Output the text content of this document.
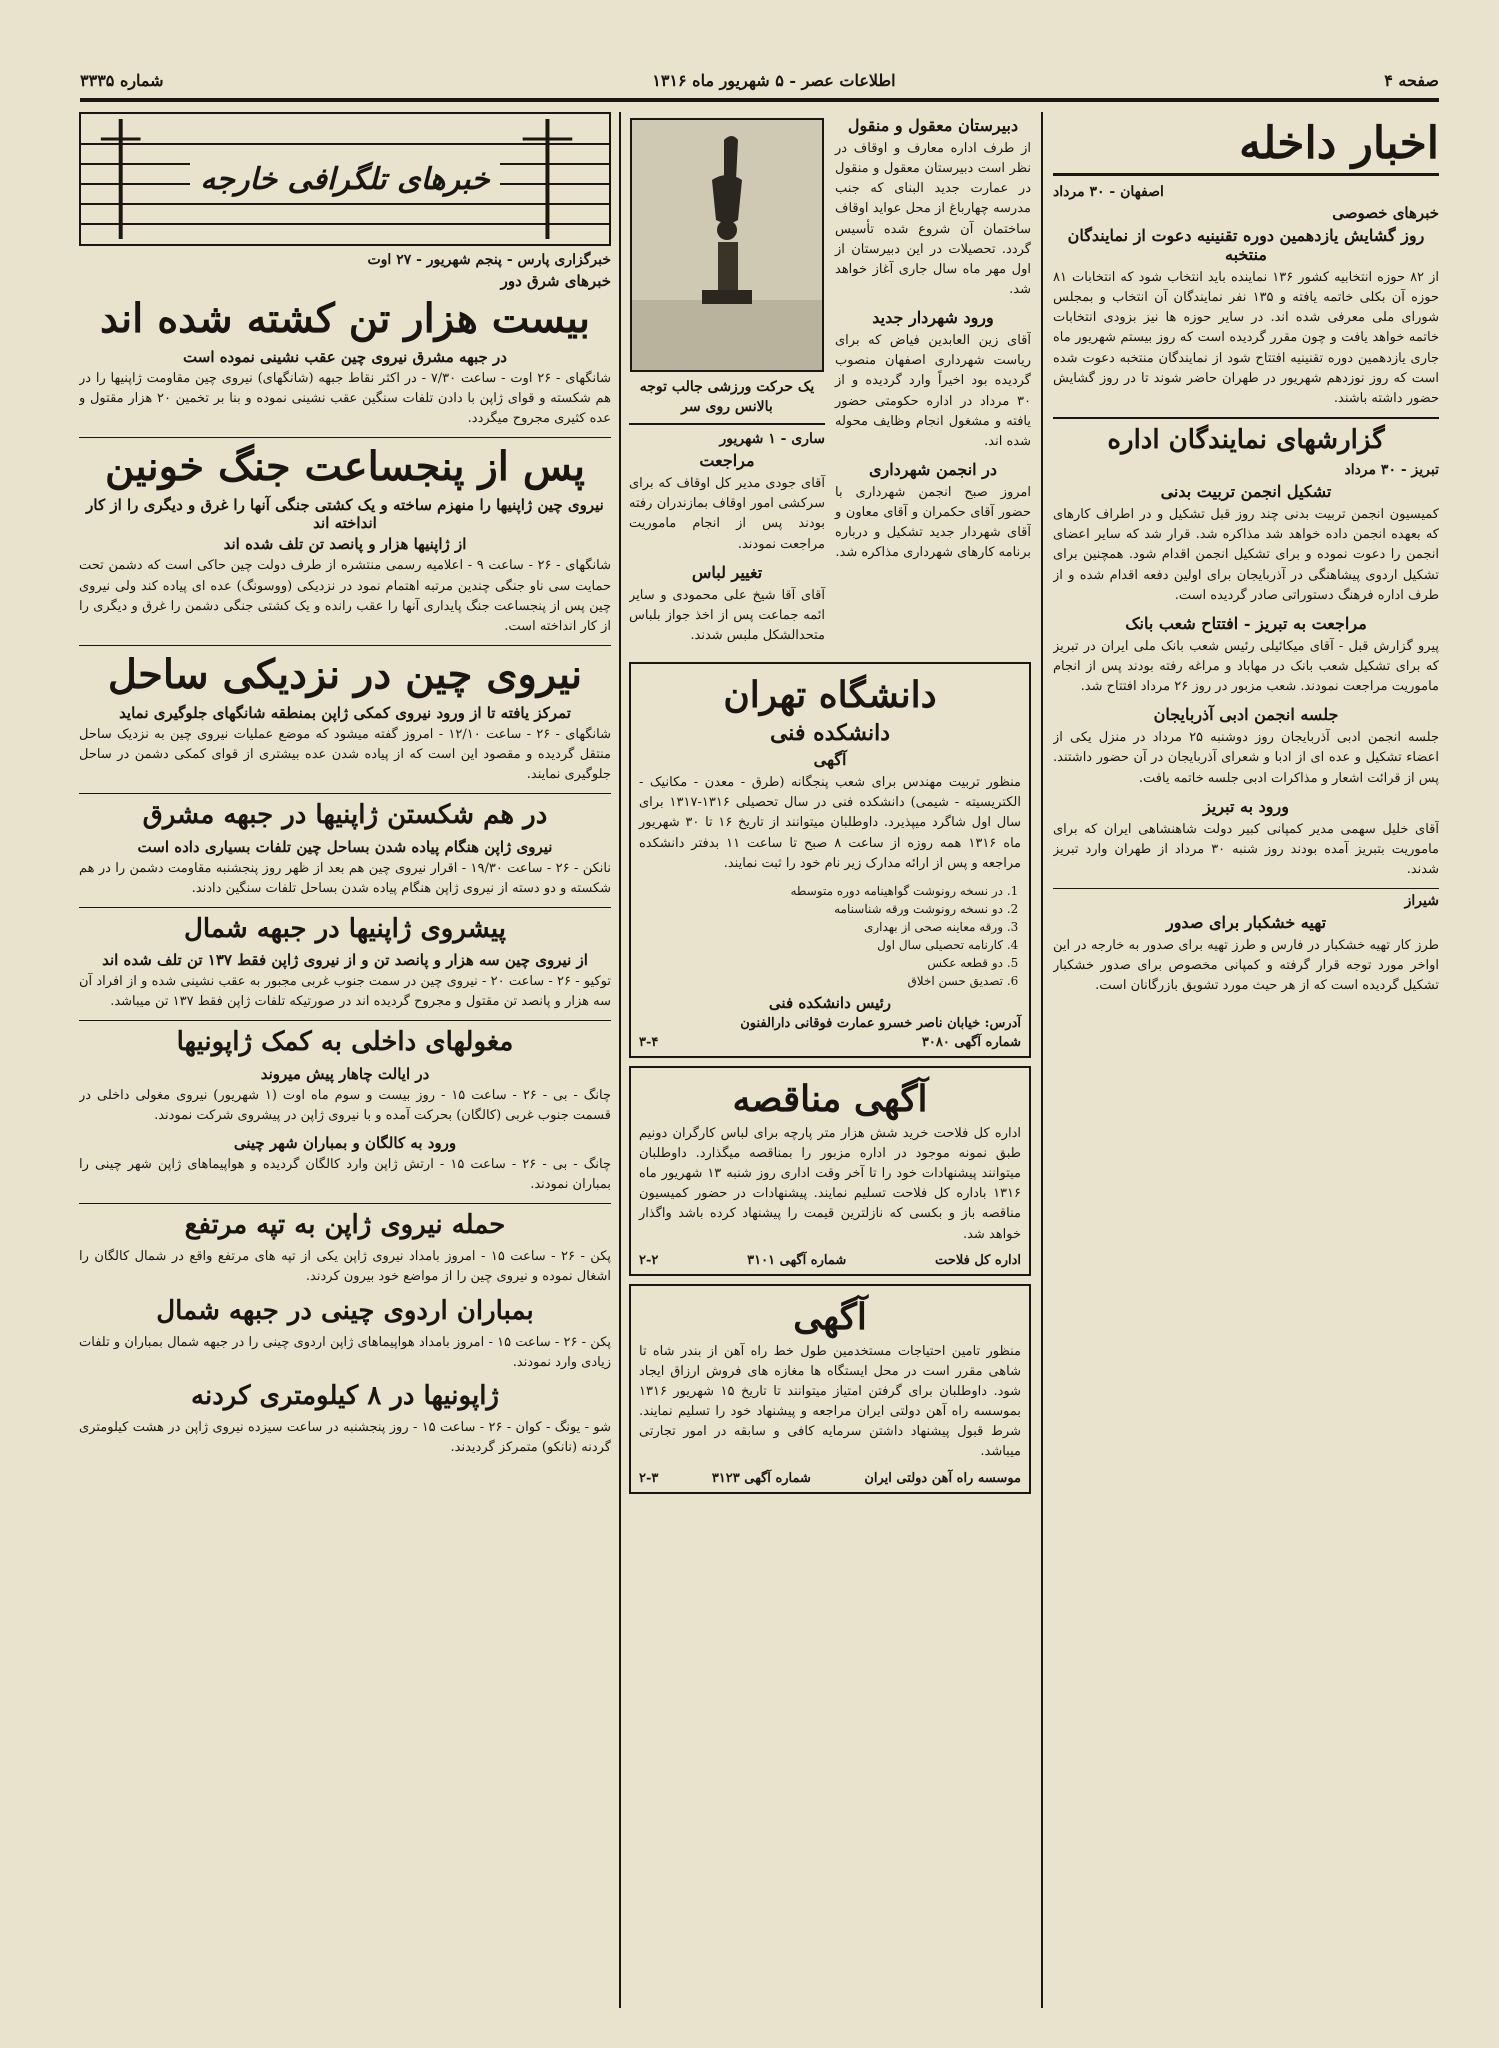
صفحه ۴
اطلاعات عصر - ۵ شهریور ماه ۱۳۱۶
شماره ۳۳۳۵
اخبار داخله
اصفهان - ۳۰ مرداد
خبرهای خصوصی
روز گشایش یازدهمین دوره تقنینیه دعوت از نمایندگان منتخبه

از ۸۲ حوزه انتخابیه کشور ۱۳۶ نماینده باید انتخاب شود که انتخابات ۸۱ حوزه آن بکلی خاتمه یافته و ۱۳۵ نفر نمایندگان آن انتخاب و بمجلس شورای ملی معرفی شده اند. در سایر حوزه ها نیز بزودی انتخابات خاتمه خواهد یافت و چون مقرر گردیده است که روز بیستم شهریور ماه جاری یازدهمین دوره تقنینیه افتتاح شود از نمایندگان منتخبه دعوت شده است که روز نوزدهم شهریور در طهران حاضر شوند تا در روز گشایش حضور داشته باشند.

گزارشهای نمایندگان اداره
تبریز - ۳۰ مرداد
تشکیل انجمن تربیت بدنی

کمیسیون انجمن تربیت بدنی چند روز قبل تشکیل و در اطراف کارهای که بعهده انجمن داده خواهد شد مذاکره شد. قرار شد که سایر اعضای انجمن را دعوت نموده و برای تشکیل انجمن اقدام شود. همچنین برای تشکیل اردوی پیشاهنگی در آذربایجان برای اولین دفعه اقدام شده و از طرف اداره فرهنگ دستوراتی صادر گردیده است.

مراجعت به تبریز - افتتاح شعب بانک

پیرو گزارش قبل - آقای میکائیلی رئیس شعب بانک ملی ایران در تبریز که برای تشکیل شعب بانک در مهاباد و مراغه رفته بودند پس از انجام ماموریت مراجعت نمودند. شعب مزبور در روز ۲۶ مرداد افتتاح شد.

جلسه انجمن ادبی آذربایجان

جلسه انجمن ادبی آذربایجان روز دوشنبه ۲۵ مرداد در منزل یکی از اعضاء تشکیل و عده ای از ادبا و شعرای آذربایجان در آن حضور داشتند. پس از قرائت اشعار و مذاکرات ادبی جلسه خاتمه یافت.

ورود به تبریز

آقای خلیل سهمی مدیر کمپانی کبیر دولت شاهنشاهی ایران که برای ماموریت بتبریز آمده بودند روز شنبه ۳۰ مرداد از طهران وارد تبریز شدند.

شیراز
تهیه خشکبار برای صدور

طرز کار تهیه خشکبار در فارس و طرز تهیه برای صدور به خارجه در این اواخر مورد توجه قرار گرفته و کمپانی مخصوص برای صدور خشکبار تشکیل گردیده است که از هر حیث مورد تشویق بازرگانان است.

دبیرستان معقول و منقول

از طرف اداره معارف و اوقاف در نظر است دبیرستان معقول و منقول در عمارت جدید البنای که جنب مدرسه چهارباغ از محل عواید اوقاف ساختمان آن شروع شده تأسیس گردد. تحصیلات در این دبیرستان از اول مهر ماه سال جاری آغاز خواهد شد.

ورود شهردار جدید

آقای زین العابدین فیاض که برای ریاست شهرداری اصفهان منصوب گردیده بود اخیراً وارد گردیده و از ۳۰ مرداد در اداره حکومتی حضور یافته و مشغول انجام وظایف محوله شده اند.

در انجمن شهرداری

امروز صبح انجمن شهرداری با حضور آقای حکمران و آقای معاون و آقای شهردار جدید تشکیل و درباره برنامه کارهای شهرداری مذاکره شد.

یک حرکت ورزشی جالب توجه بالانس روی سر
ساری - ۱ شهریور
مراجعت

آقای جودی مدیر کل اوقاف که برای سرکشی امور اوقاف بمازندران رفته بودند پس از انجام ماموریت مراجعت نمودند.

تغییر لباس

آقای آقا شیخ علی محمودی و سایر ائمه جماعت پس از اخذ جواز بلباس متحدالشکل ملبس شدند.

دانشگاه تهران
دانشکده فنی
آگهی

منظور تربیت مهندس برای شعب پنجگانه (طرق - معدن - مکانیک - الکتریسیته - شیمی) دانشکده فنی در سال تحصیلی ۱۳۱۶-۱۳۱۷ برای سال اول شاگرد میپذیرد. داوطلبان میتوانند از تاریخ ۱۶ تا ۳۰ شهریور ماه ۱۳۱۶ همه روزه از ساعت ۸ صبح تا ساعت ۱۱ بدفتر دانشکده مراجعه و پس از ارائه مدارک زیر نام خود را ثبت نمایند.

1. در نسخه رونوشت گواهینامه دوره متوسطه
2. دو نسخه رونوشت ورقه شناسنامه
3. ورقه معاینه صحی از بهداری
4. کارنامه تحصیلی سال اول
5. دو قطعه عکس
6. تصدیق حسن اخلاق
رئیس دانشکده فنی
آدرس: خیابان ناصر خسرو عمارت فوقانی دارالفنون
شماره آگهی ۳۰۸۰
۳-۴
آگهی مناقصه

اداره کل فلاحت خرید شش هزار متر پارچه برای لباس کارگران دونیم طبق نمونه موجود در اداره مزبور را بمناقصه میگذارد. داوطلبان میتوانند پیشنهادات خود را تا آخر وقت اداری روز شنبه ۱۳ شهریور ماه ۱۳۱۶ باداره کل فلاحت تسلیم نمایند. پیشنهادات در حضور کمیسیون مناقصه باز و بکسی که نازلترین قیمت را پیشنهاد کرده باشد واگذار خواهد شد.

اداره کل فلاحت
شماره آگهی ۳۱۰۱
۲-۲
آگهی

منظور تامین احتیاجات مستخدمین طول خط راه آهن از بندر شاه تا شاهی مقرر است در محل ایستگاه ها مغازه های فروش ارزاق ایجاد شود. داوطلبان برای گرفتن امتیاز میتوانند تا تاریخ ۱۵ شهریور ۱۳۱۶ بموسسه راه آهن دولتی ایران مراجعه و پیشنهاد خود را تسلیم نمایند. شرط قبول پیشنهاد داشتن سرمایه کافی و سابقه در امور تجارتی میباشد.

موسسه راه آهن دولتی ایران
شماره آگهی ۳۱۲۳
۲-۳
خبرهای تلگرافی خارجه
خبرگزاری پارس - پنجم شهریور - ۲۷ اوت
خبرهای شرق دور
بیست هزار تن کشته شده اند
در جبهه مشرق نیروی چین عقب نشینی نموده است

شانگهای - ۲۶ اوت - ساعت ۷/۳۰ - در اکثر نقاط جبهه (شانگهای) نیروی چین مقاومت ژاپنیها را در هم شکسته و قوای ژاپن با دادن تلفات سنگین عقب نشینی نموده و بنا بر تخمین ۲۰ هزار مقتول و عده کثیری مجروح میگردد.

پس از پنجساعت جنگ خونین
نیروی چین ژاپنیها را منهزم ساخته و یک کشتی جنگی آنها را غرق و دیگری را از کار انداخته اند
از ژاپنیها هزار و پانصد تن تلف شده اند

شانگهای - ۲۶ - ساعت ۹ - اعلامیه رسمی منتشره از طرف دولت چین حاکی است که دشمن تحت حمایت سی ناو جنگی چندین مرتبه اهتمام نمود در نزدیکی (ووسونگ) عده ای پیاده کند ولی نیروی چین پس از پنجساعت جنگ پایداری آنها را عقب رانده و یک کشتی جنگی دشمن را غرق و دیگری را از کار انداخته است.

نیروی چین در نزدیکی ساحل
تمرکز یافته تا از ورود نیروی کمکی ژاپن بمنطقه شانگهای جلوگیری نماید

شانگهای - ۲۶ - ساعت ۱۲/۱۰ - امروز گفته میشود که موضع عملیات نیروی چین به نزدیک ساحل منتقل گردیده و مقصود این است که از پیاده شدن عده بیشتری از قوای کمکی دشمن در ساحل جلوگیری نمایند.

در هم شکستن ژاپنیها در جبهه مشرق
نیروی ژاپن هنگام پیاده شدن بساحل چین تلفات بسیاری داده است

نانکن - ۲۶ - ساعت ۱۹/۳۰ - اقرار نیروی چین هم بعد از ظهر روز پنجشنبه مقاومت دشمن را در هم شکسته و دو دسته از نیروی ژاپن هنگام پیاده شدن بساحل تلفات سنگین دادند.

پیشروی ژاپنیها در جبهه شمال
از نیروی چین سه هزار و پانصد تن و از نیروی ژاپن فقط ۱۳۷ تن تلف شده اند

توکیو - ۲۶ - ساعت ۲۰ - نیروی چین در سمت جنوب غربی مجبور به عقب نشینی شده و از افراد آن سه هزار و پانصد تن مقتول و مجروح گردیده اند در صورتیکه تلفات ژاپن فقط ۱۳۷ تن میباشد.

مغولهای داخلی به کمک ژاپونیها
در ایالت چاهار پیش میروند

چانگ - بی - ۲۶ - ساعت ۱۵ - روز بیست و سوم ماه اوت (۱ شهریور) نیروی مغولی داخلی در قسمت جنوب غربی (کالگان) بحرکت آمده و با نیروی ژاپن در پیشروی شرکت نمودند.

ورود به کالگان و بمباران شهر چینی

چانگ - بی - ۲۶ - ساعت ۱۵ - ارتش ژاپن وارد کالگان گردیده و هواپیماهای ژاپن شهر چینی را بمباران نمودند.

حمله نیروی ژاپن به تپه مرتفع

پکن - ۲۶ - ساعت ۱۵ - امروز بامداد نیروی ژاپن یکی از تپه های مرتفع واقع در شمال کالگان را اشغال نموده و نیروی چین را از مواضع خود بیرون کردند.

بمباران اردوی چینی در جبهه شمال

پکن - ۲۶ - ساعت ۱۵ - امروز بامداد هواپیماهای ژاپن اردوی چینی را در جبهه شمال بمباران و تلفات زیادی وارد نمودند.

ژاپونیها در ۸ کیلومتری کردنه

شو - یونگ - کوان - ۲۶ - ساعت ۱۵ - روز پنجشنبه در ساعت سیزده نیروی ژاپن در هشت کیلومتری گردنه (نانکو) متمرکز گردیدند.
